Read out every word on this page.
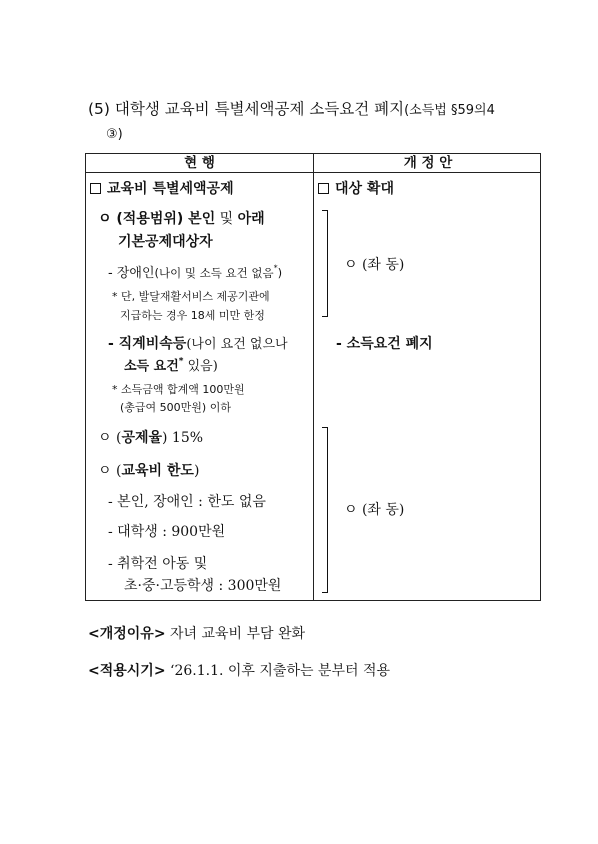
(5) 대학생 교육비 특별세액공제 소득요건 폐지(소득법 §59의4
③)
현 행	개 정 안
교육비 특별세액공제
ㅇ (적용범위) 본인 및 아래
기본공제대상자
- 장애인(나이 및 소득 요건 없음*)
* 단, 발달재활서비스 제공기관에
지급하는 경우 18세 미만 한정
- 직계비속등(나이 요건 없으나
소득 요건* 있음)
* 소득금액 합계액 100만원
(총급여 500만원) 이하
ㅇ (공제율) 15%
ㅇ (교육비 한도)
- 본인, 장애인 : 한도 없음
- 대학생 : 900만원
- 취학전 아동 및
초·중·고등학생 : 300만원
대상 확대
ㅇ (좌 동)
- 소득요건 폐지
ㅇ (좌 동)
<개정이유> 자녀 교육비 부담 완화
<적용시기> ‘26.1.1. 이후 지출하는 분부터 적용
